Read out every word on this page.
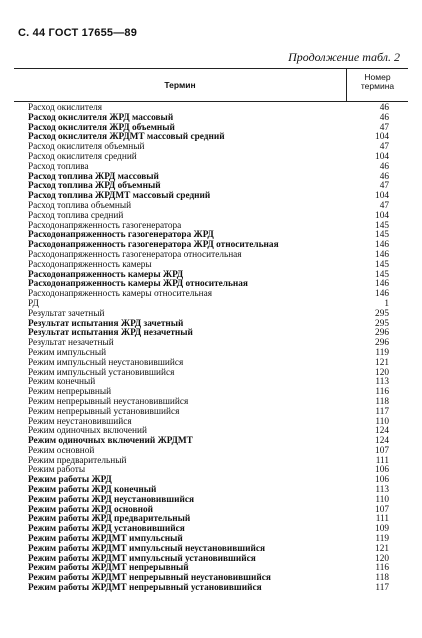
С. 44 ГОСТ 17655—89
Продолжение табл. 2
Термин
Номер
термина
Расход окислителя	46
Расход окислителя ЖРД массовый	46
Расход окислителя ЖРД объемный	47
Расход окислителя ЖРДМТ массовый средний	104
Расход окислителя объемный	47
Расход окислителя средний	104
Расход топлива	46
Расход топлива ЖРД массовый	46
Расход топлива ЖРД объемный	47
Расход топлива ЖРДМТ массовый средний	104
Расход топлива объемный	47
Расход топлива средний	104
Расходонапряженность газогенератора	145
Расходонапряженность газогенератора ЖРД	145
Расходонапряженность газогенератора ЖРД относительная	146
Расходонапряженность газогенератора относительная	146
Расходонапряженность камеры	145
Расходонапряженность камеры ЖРД	145
Расходонапряженность камеры ЖРД относительная	146
Расходонапряженность камеры относительная	146
РД	1
Результат зачетный	295
Результат испытания ЖРД зачетный	295
Результат испытания ЖРД незачетный	296
Результат незачетный	296
Режим импульсный	119
Режим импульсный неустановившийся	121
Режим импульсный установившийся	120
Режим конечный	113
Режим непрерывный	116
Режим непрерывный неустановившийся	118
Режим непрерывный установившийся	117
Режим неустановившийся	110
Режим одиночных включений	124
Режим одиночных включений ЖРДМТ	124
Режим основной	107
Режим предварительный	111
Режим работы	106
Режим работы ЖРД	106
Режим работы ЖРД конечный	113
Режим работы ЖРД неустановившийся	110
Режим работы ЖРД основной	107
Режим работы ЖРД предварительный	111
Режим работы ЖРД установившийся	109
Режим работы ЖРДМТ импульсный	119
Режим работы ЖРДМТ импульсный неустановившийся	121
Режим работы ЖРДМТ импульсный установившийся	120
Режим работы ЖРДМТ непрерывный	116
Режим работы ЖРДМТ непрерывный неустановившийся	118
Режим работы ЖРДМТ непрерывный установившийся	117
